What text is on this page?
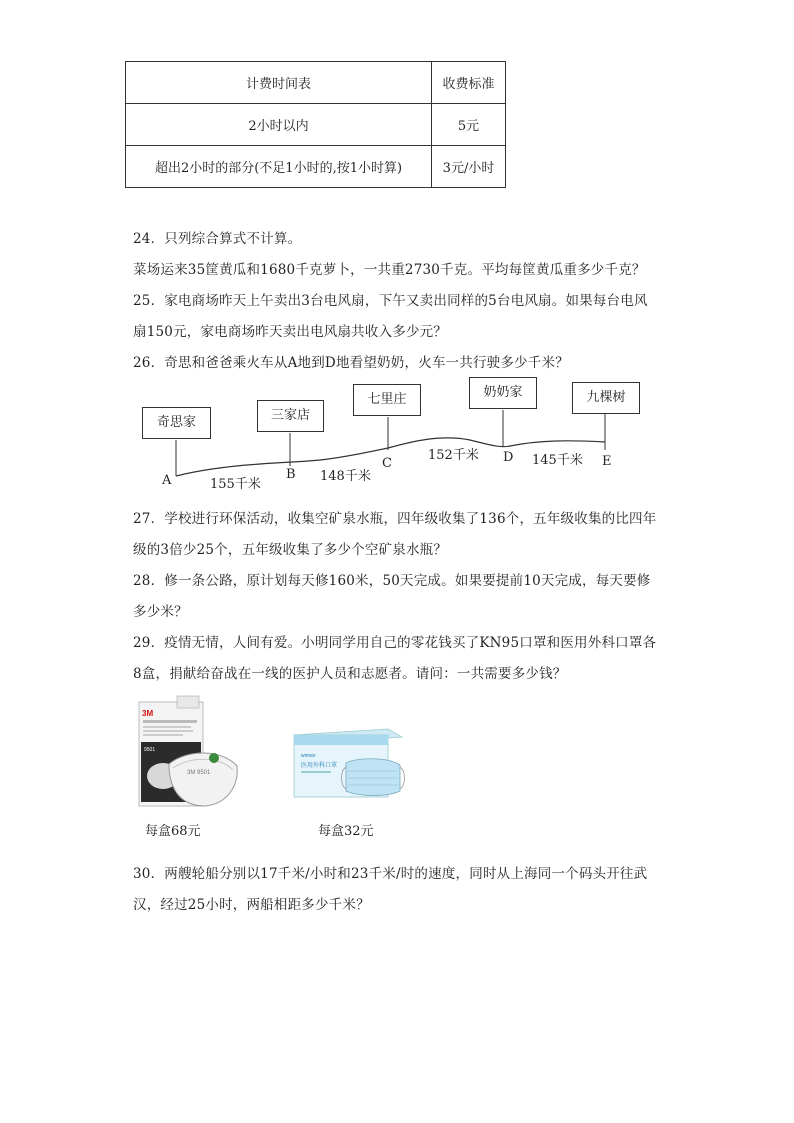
计费时间表	收费标准
2小时以内	5元
超出2小时的部分(不足1小时的,按1小时算)	3元/小时
24．只列综合算式不计算。
菜场运来35筐黄瓜和1680千克萝卜，一共重2730千克。平均每筐黄瓜重多少千克？
25．家电商场昨天上午卖出3台电风扇，下午又卖出同样的5台电风扇。如果每台电风
扇150元，家电商场昨天卖出电风扇共收入多少元？
26．奇思和爸爸乘火车从A地到D地看望奶奶，火车一共行驶多少千米？
奇思家	三家店
七里庄	奶奶家	九棵树
A	B
C	D	E
155千米
148千米
152千米	145千米
27．学校进行环保活动，收集空矿泉水瓶，四年级收集了136个，五年级收集的比四年
级的3倍少25个，五年级收集了多少个空矿泉水瓶？
28．修一条公路，原计划每天修160米，50天完成。如果要提前10天完成，每天要修
多少米？
29．疫情无情，人间有爱。小明同学用自己的零花钱买了KN95口罩和医用外科口罩各
8盒，捐献给奋战在一线的医护人员和志愿者。请问：一共需要多少钱？
3M
9501
3M 9501
每盒68元
winner
医用外科口罩
每盒32元
30．两艘轮船分别以17千米/小时和23千米/时的速度，同时从上海同一个码头开往武
汉，经过25小时，两船相距多少千米？
